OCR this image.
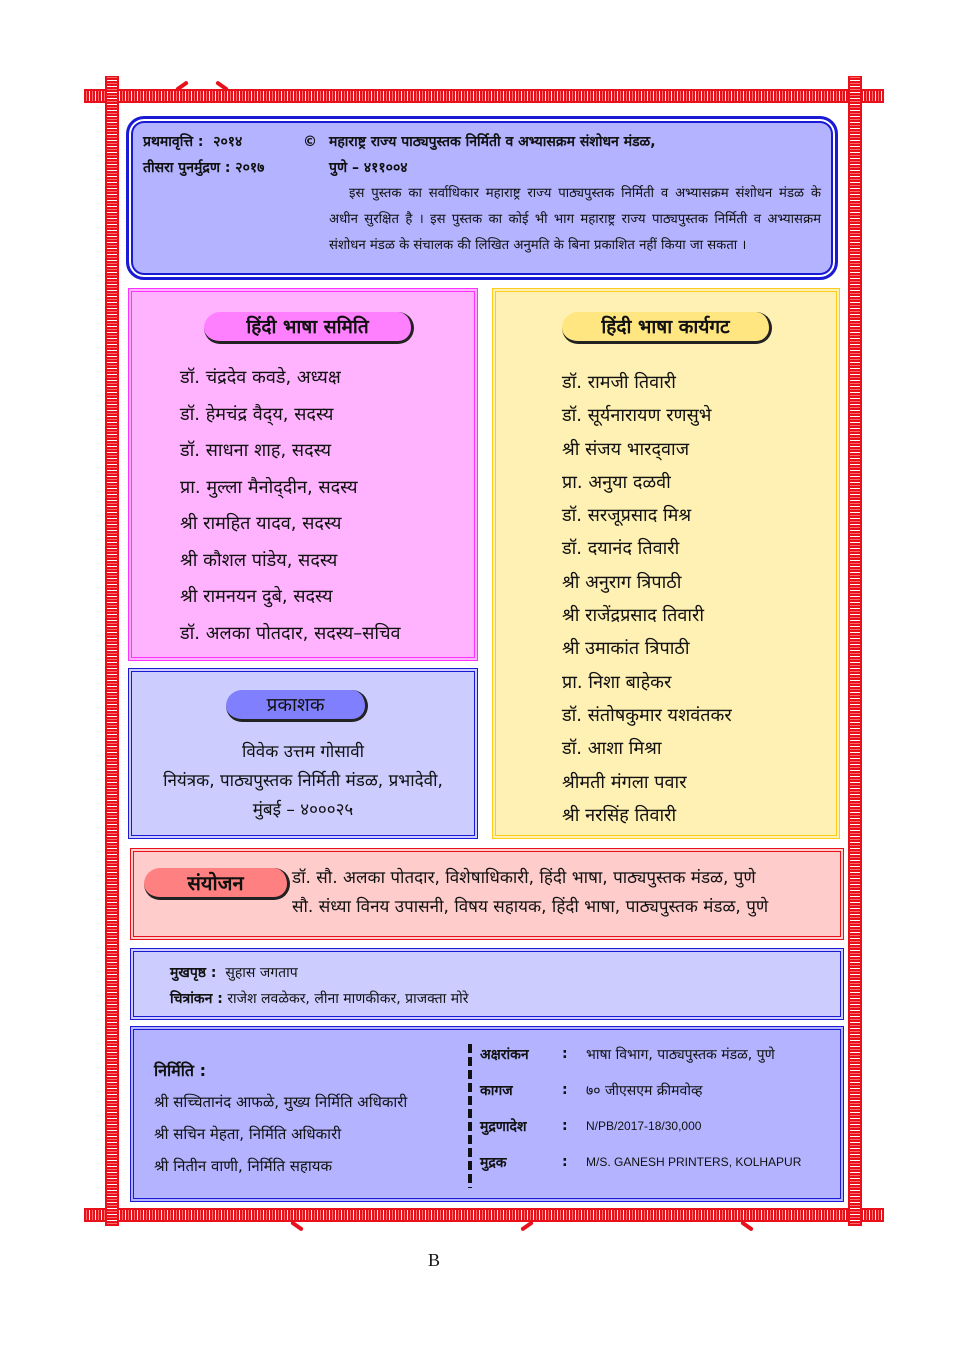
प्रथमावृत्ति : २०१४	© महाराष्ट्र राज्य पाठ्यपुस्तक निर्मिती व अभ्यासक्रम संशोधन मंडळ,
तीसरा पुनर्मुद्रण : २०१७	पुणे – ४११००४
इस पुस्तक का सर्वाधिकार महाराष्ट्र राज्य पाठ्यपुस्तक निर्मिती व अभ्यासक्रम संशोधन मंडळ के अधीन सुरक्षित है । इस पुस्तक का कोई भी भाग महाराष्ट्र राज्य पाठ्यपुस्तक निर्मिती व अभ्यासक्रम संशोधन मंडळ के संचालक की लिखित अनुमति के बिना प्रकाशित नहीं किया जा सकता ।
हिंदी भाषा समिति
डॉ. चंद्रदेव कवडे, अध्यक्ष
डॉ. हेमचंद्र वैद्‌य, सदस्य
डॉ. साधना शाह, सदस्य
प्रा. मुल्ला मैनोद्‌दीन, सदस्य
श्री रामहित यादव, सदस्य
श्री कौशल पांडेय, सदस्य
श्री रामनयन दुबे, सदस्य
डॉ. अलका पोतदार, सदस्य–सचिव
हिंदी भाषा कार्यगट
डॉ. रामजी तिवारी
डॉ. सूर्यनारायण रणसुभे
श्री संजय भारद्‌वाज
प्रा. अनुया दळवी
डॉ. सरजूप्रसाद मिश्र
डॉ. दयानंद तिवारी
श्री अनुराग त्रिपाठी
श्री राजेंद्रप्रसाद तिवारी
श्री उमाकांत त्रिपाठी
प्रा. निशा बाहेकर
डॉ. संतोषकुमार यशवंतकर
डॉ. आशा मिश्रा
श्रीमती मंगला पवार
श्री नरसिंह तिवारी
प्रकाशक
विवेक उत्तम गोसावी
नियंत्रक, पाठ्यपुस्तक निर्मिती मंडळ, प्रभादेवी,
मुंबई – ४०००२५
संयोजन	डॉ. सौ. अलका पोतदार, विशेषाधिकारी, हिंदी भाषा, पाठ्यपुस्तक मंडळ, पुणे
सौ. संध्या विनय उपासनी, विषय सहायक, हिंदी भाषा, पाठ्यपुस्तक मंडळ, पुणे
मुखपृष्ठ : सुहास जगताप
चित्रांकन : राजेश लवळेकर, लीना माणकीकर, प्राजक्ता मोरे
निर्मिति :
श्री सच्चितानंद आफळे, मुख्य निर्मिति अधिकारी
श्री सचिन मेहता, निर्मिति अधिकारी
श्री नितीन वाणी, निर्मिति सहायक
अक्षरांकन	:	भाषा विभाग, पाठ्यपुस्तक मंडळ, पुणे
कागज	:	७० जीएसएम क्रीमवोव्ह
मुद्रणादेश	:	N/PB/2017-18/30,000
मुद्रक	:	M/S. GANESH PRINTERS, KOLHAPUR
B
